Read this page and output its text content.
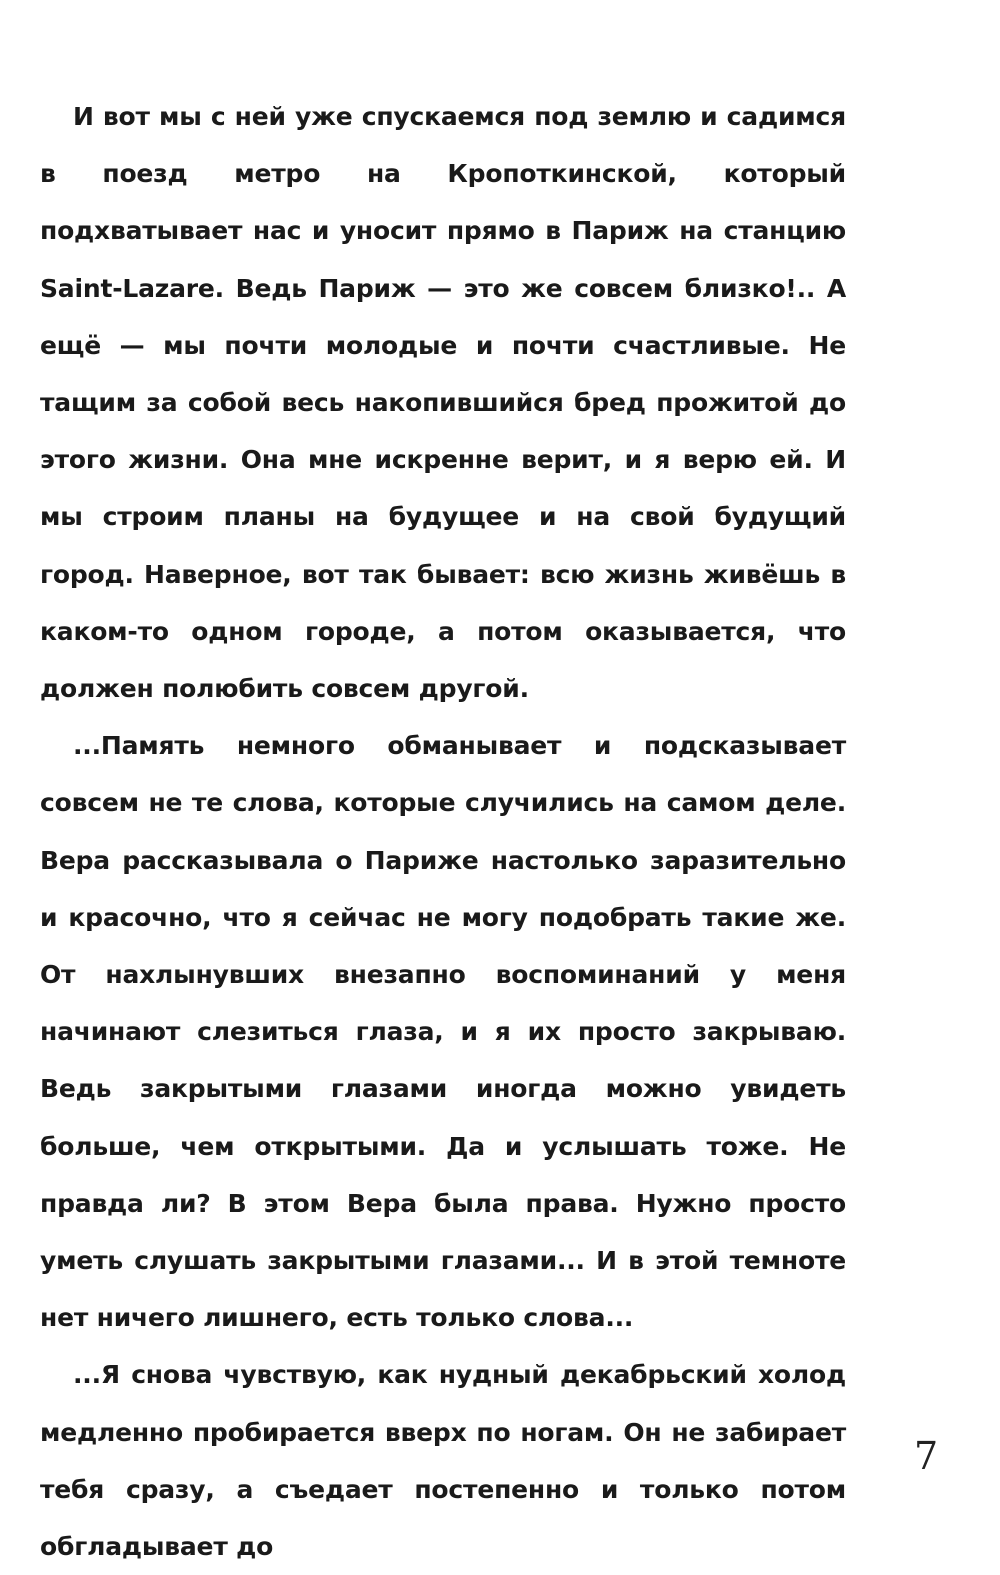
И вот мы с ней уже спускаемся под землю и садимся в поезд метро на Кропоткинской, который подхватывает нас и уносит прямо в Париж на станцию Saint-Lazare. Ведь Париж — это же совсем близко!.. А ещё — мы почти молодые и почти счастливые. Не тащим за собой весь накопившийся бред прожитой до этого жизни. Она мне искренне верит, и я верю ей. И мы строим планы на будущее и на свой будущий город. Наверное, вот так бывает: всю жизнь живёшь в каком-то одном городе, а потом оказывается, что должен полюбить совсем другой.

...Память немного обманывает и подсказывает совсем не те слова, которые случились на самом деле. Вера рассказывала о Париже настолько заразительно и красочно, что я сейчас не могу подобрать такие же. От нахлынувших внезапно воспоминаний у меня начинают слезиться глаза, и я их просто закрываю. Ведь закрытыми глазами иногда можно увидеть больше, чем открытыми. Да и услышать тоже. Не правда ли? В этом Вера была права. Нужно просто уметь слушать закрытыми глазами... И в этой темноте нет ничего лишнего, есть только слова...

...Я снова чувствую, как нудный декабрьский холод медленно пробирается вверх по ногам. Он не забирает тебя сразу, а съедает постепенно и только потом обгладывает до

7
